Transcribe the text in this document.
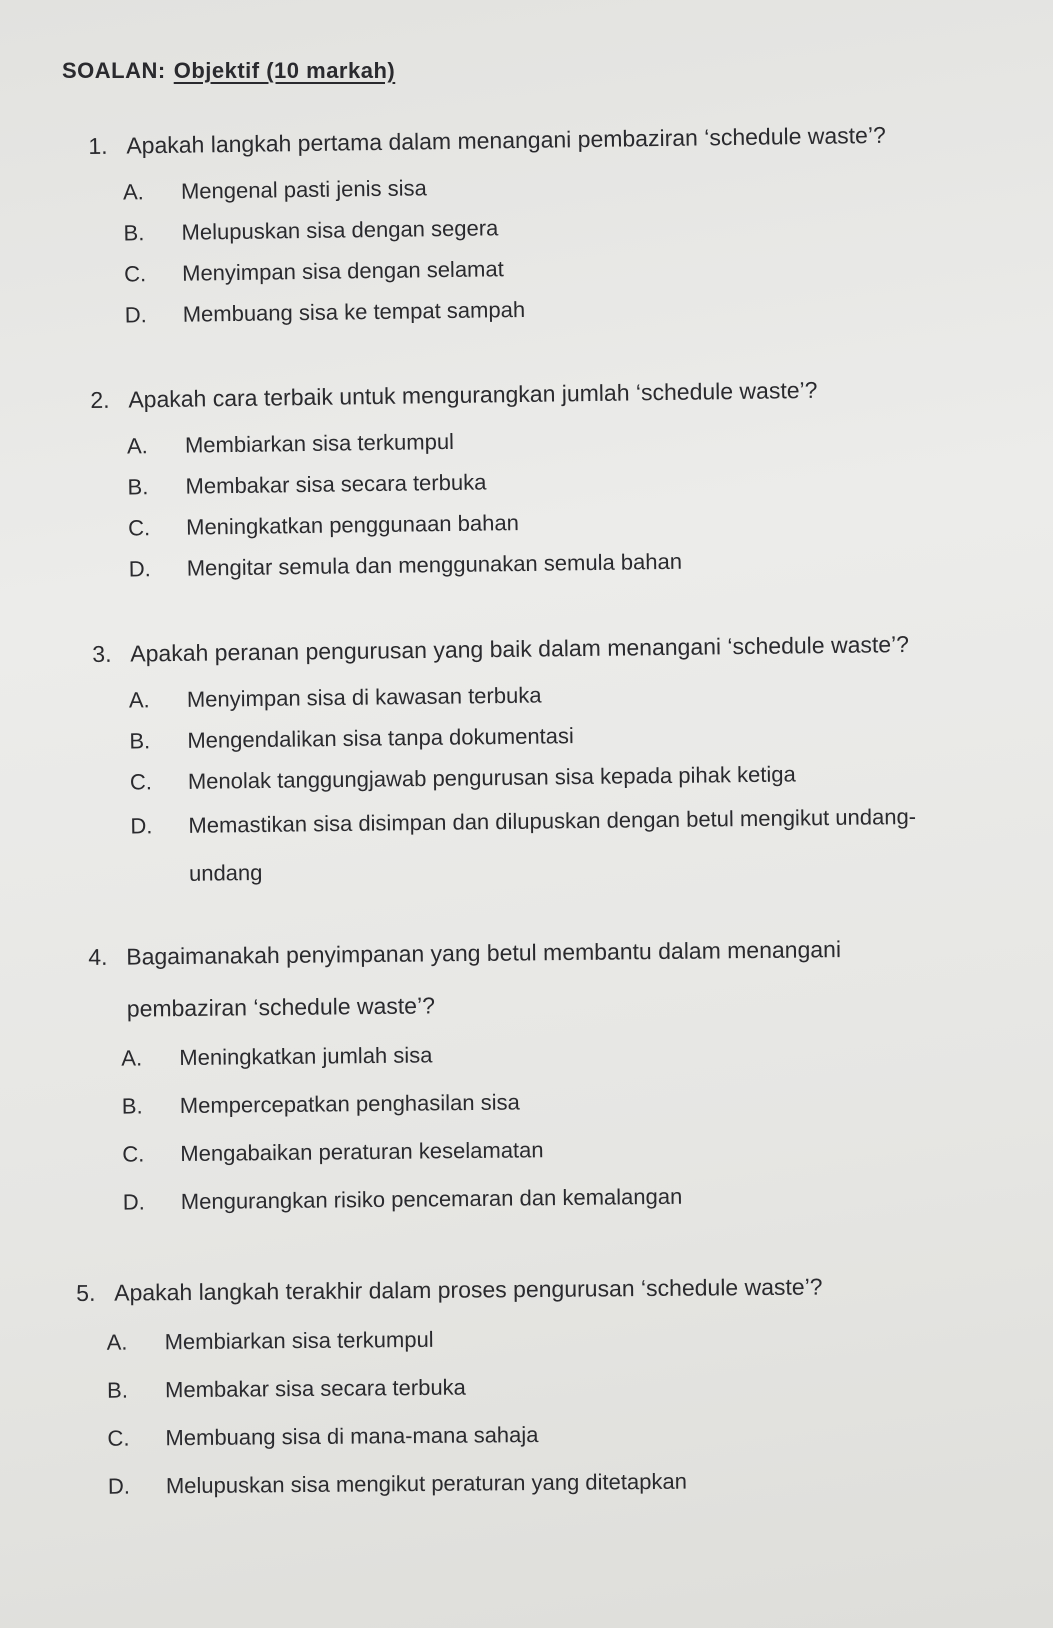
SOALAN: Objektif (10 markah)
1. Apakah langkah pertama dalam menangani pembaziran ‘schedule waste’?
A. Mengenal pasti jenis sisa
B. Melupuskan sisa dengan segera
C. Menyimpan sisa dengan selamat
D. Membuang sisa ke tempat sampah
2. Apakah cara terbaik untuk mengurangkan jumlah ‘schedule waste’?
A. Membiarkan sisa terkumpul
B. Membakar sisa secara terbuka
C. Meningkatkan penggunaan bahan
D. Mengitar semula dan menggunakan semula bahan
3. Apakah peranan pengurusan yang baik dalam menangani ‘schedule waste’?
A. Menyimpan sisa di kawasan terbuka
B. Mengendalikan sisa tanpa dokumentasi
C. Menolak tanggungjawab pengurusan sisa kepada pihak ketiga
D. Memastikan sisa disimpan dan dilupuskan dengan betul mengikut undang-
undang
4. Bagaimanakah penyimpanan yang betul membantu dalam menangani
pembaziran ‘schedule waste’?
A. Meningkatkan jumlah sisa
B. Mempercepatkan penghasilan sisa
C. Mengabaikan peraturan keselamatan
D. Mengurangkan risiko pencemaran dan kemalangan
5. Apakah langkah terakhir dalam proses pengurusan ‘schedule waste’?
A. Membiarkan sisa terkumpul
B. Membakar sisa secara terbuka
C. Membuang sisa di mana-mana sahaja
D. Melupuskan sisa mengikut peraturan yang ditetapkan
